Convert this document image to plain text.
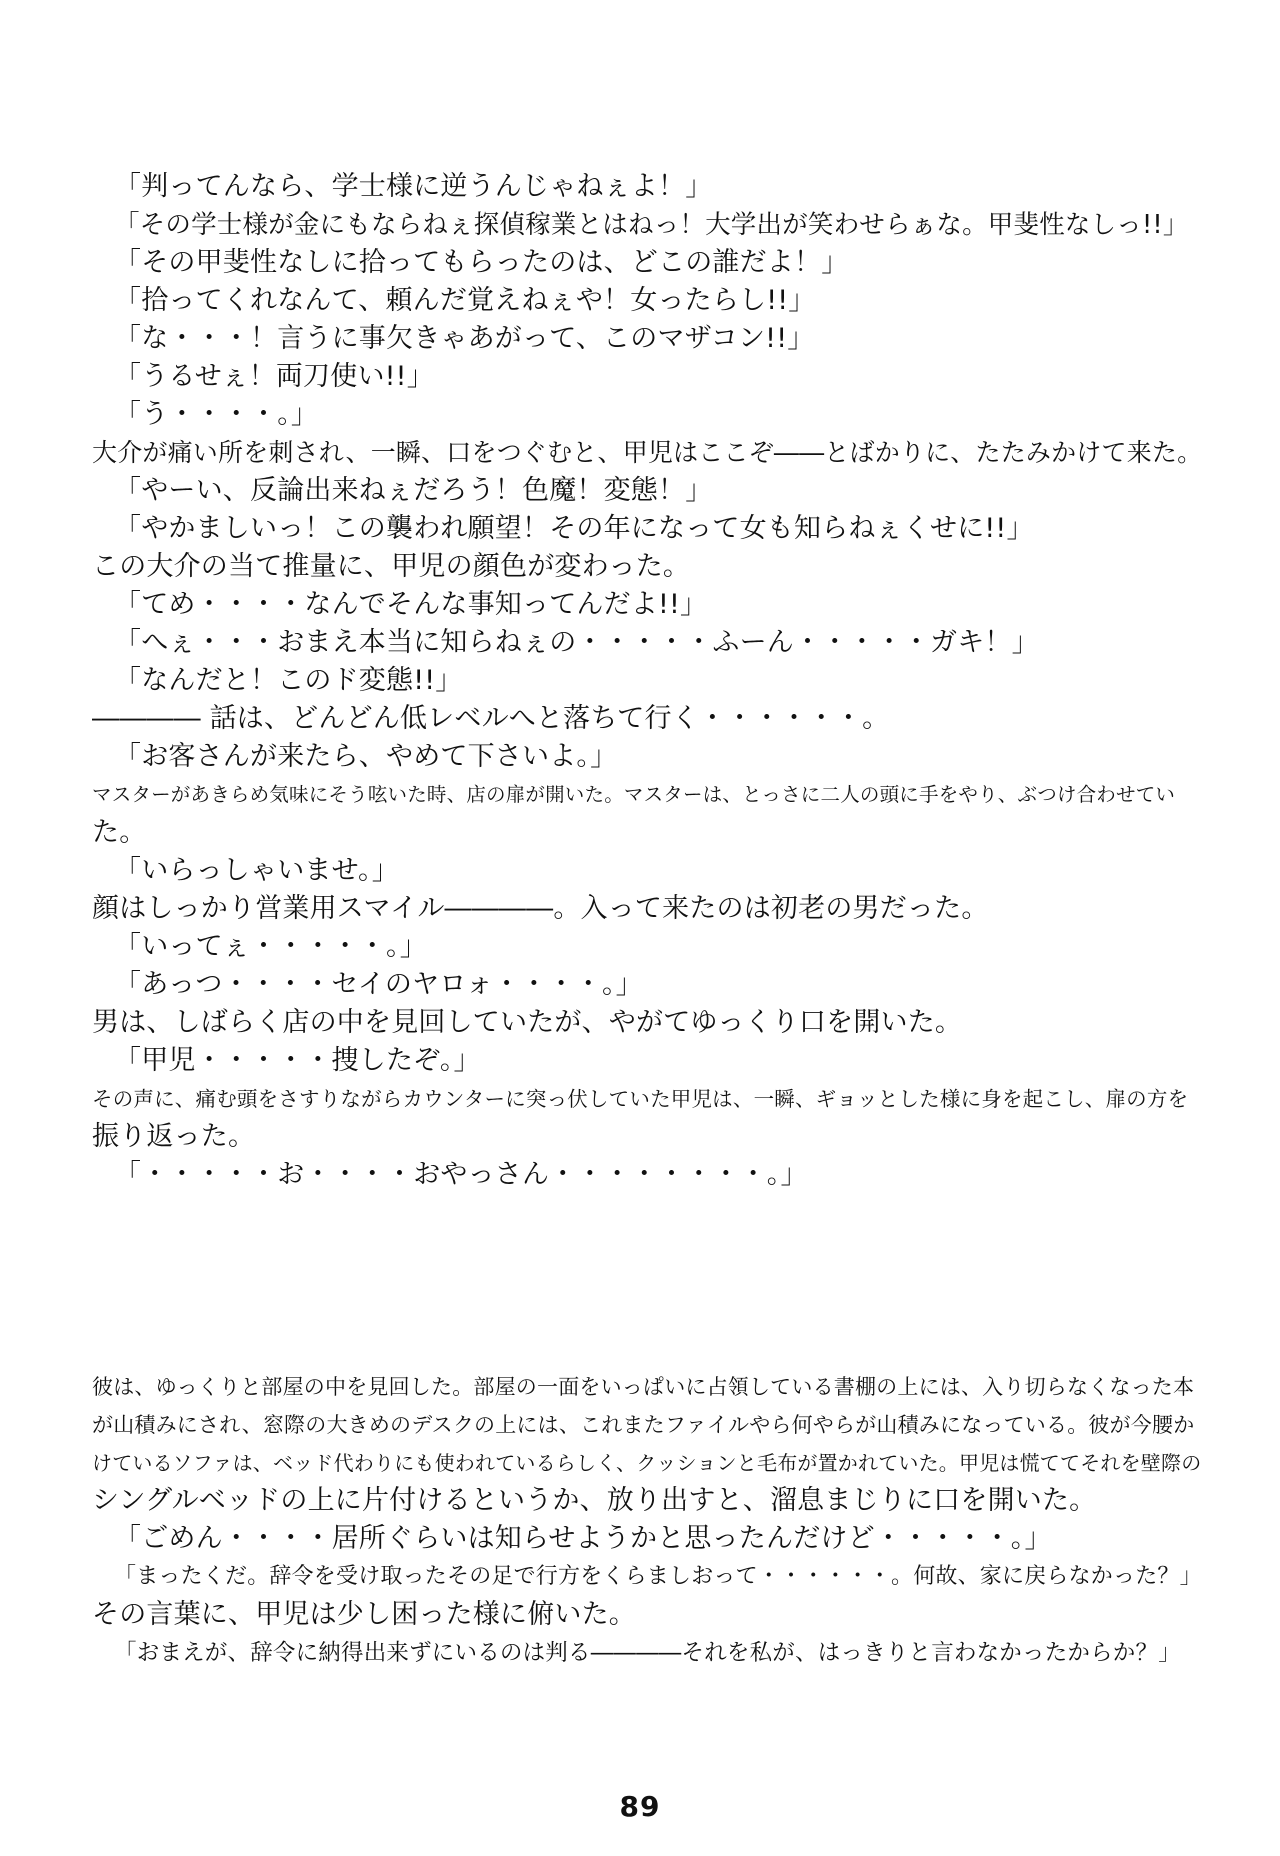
「判ってんなら、学士様に逆うんじゃねぇよ！」
「その学士様が金にもならねぇ探偵稼業とはねっ！大学出が笑わせらぁな。甲斐性なしっ!!」
「その甲斐性なしに拾ってもらったのは、どこの誰だよ！」
「拾ってくれなんて、頼んだ覚えねぇや！女ったらし!!」
「な・・・！言うに事欠きゃあがって、このマザコン!!」
「うるせぇ！両刀使い!!」
「う・・・・。」
大介が痛い所を刺され、一瞬、口をつぐむと、甲児はここぞ――とばかりに、たたみかけて来た。
「やーい、反論出来ねぇだろう！色魔！変態！」
「やかましいっ！この襲われ願望！その年になって女も知らねぇくせに!!」
この大介の当て推量に、甲児の顔色が変わった。
「てめ・・・・なんでそんな事知ってんだよ!!」
「へぇ・・・おまえ本当に知らねぇの・・・・・ふーん・・・・・ガキ！」
「なんだと！このド変態!!」
―――― 話は、どんどん低レベルへと落ちて行く・・・・・・。
「お客さんが来たら、やめて下さいよ。」
マスターがあきらめ気味にそう呟いた時、店の扉が開いた。マスターは、とっさに二人の頭に手をやり、ぶつけ合わせてい
た。
「いらっしゃいませ。」
顔はしっかり営業用スマイル――――。入って来たのは初老の男だった。
「いってぇ・・・・・。」
「あっつ・・・・セイのヤロォ・・・・。」
男は、しばらく店の中を見回していたが、やがてゆっくり口を開いた。
「甲児・・・・・捜したぞ。」
その声に、痛む頭をさすりながらカウンターに突っ伏していた甲児は、一瞬、ギョッとした様に身を起こし、扉の方を
振り返った。
「・・・・・お・・・・おやっさん・・・・・・・・。」
彼は、ゆっくりと部屋の中を見回した。部屋の一面をいっぱいに占領している書棚の上には、入り切らなくなった本
が山積みにされ、窓際の大きめのデスクの上には、これまたファイルやら何やらが山積みになっている。彼が今腰か
けているソファは、ベッド代わりにも使われているらしく、クッションと毛布が置かれていた。甲児は慌ててそれを壁際の
シングルベッドの上に片付けるというか、放り出すと、溜息まじりに口を開いた。
「ごめん・・・・居所ぐらいは知らせようかと思ったんだけど・・・・・。」
「まったくだ。辞令を受け取ったその足で行方をくらましおって・・・・・・。何故、家に戻らなかった？」
その言葉に、甲児は少し困った様に俯いた。
「おまえが、辞令に納得出来ずにいるのは判る――――それを私が、はっきりと言わなかったからか？」
89
